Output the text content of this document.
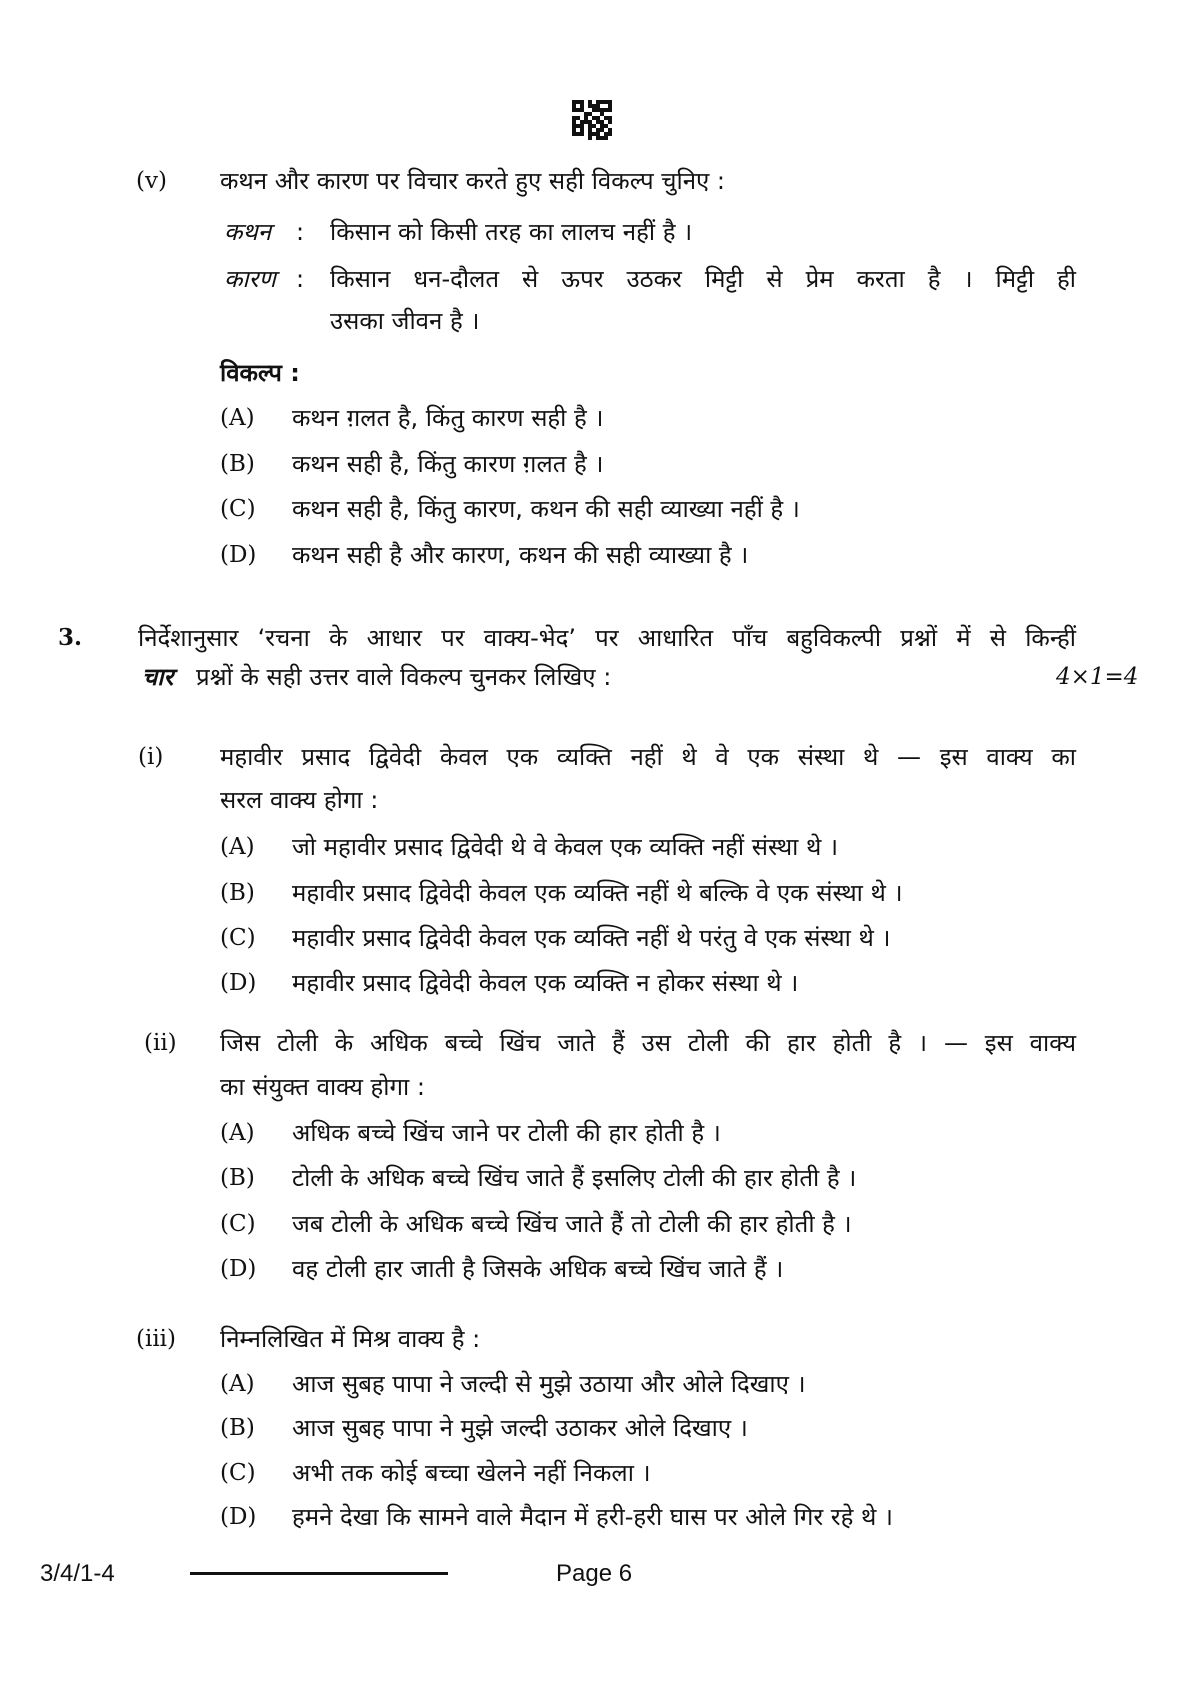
(v) कथन और कारण पर विचार करते हुए सही विकल्प चुनिए :
कथन : किसान को किसी तरह का लालच नहीं है ।
कारण : किसान धन-दौलत से ऊपर उठकर मिट्टी से प्रेम करता है । मिट्टी ही
उसका जीवन है ।
विकल्प :
(A) कथन ग़लत है, किंतु कारण सही है ।
(B) कथन सही है, किंतु कारण ग़लत है ।
(C) कथन सही है, किंतु कारण, कथन की सही व्याख्या नहीं है ।
(D) कथन सही है और कारण, कथन की सही व्याख्या है ।
3. निर्देशानुसार ‘रचना के आधार पर वाक्य-भेद’ पर आधारित पाँच बहुविकल्पी प्रश्नों में से किन्हीं
चार प्रश्नों के सही उत्तर वाले विकल्प चुनकर लिखिए :	4×1=4
(i) महावीर प्रसाद द्विवेदी केवल एक व्यक्ति नहीं थे वे एक संस्था थे — इस वाक्य का
सरल वाक्य होगा :
(A) जो महावीर प्रसाद द्विवेदी थे वे केवल एक व्यक्ति नहीं संस्था थे ।
(B) महावीर प्रसाद द्विवेदी केवल एक व्यक्ति नहीं थे बल्कि वे एक संस्था थे ।
(C) महावीर प्रसाद द्विवेदी केवल एक व्यक्ति नहीं थे परंतु वे एक संस्था थे ।
(D) महावीर प्रसाद द्विवेदी केवल एक व्यक्ति न होकर संस्था थे ।
(ii) जिस टोली के अधिक बच्चे खिंच जाते हैं उस टोली की हार होती है । — इस वाक्य
का संयुक्त वाक्य होगा :
(A) अधिक बच्चे खिंच जाने पर टोली की हार होती है ।
(B) टोली के अधिक बच्चे खिंच जाते हैं इसलिए टोली की हार होती है ।
(C) जब टोली के अधिक बच्चे खिंच जाते हैं तो टोली की हार होती है ।
(D) वह टोली हार जाती है जिसके अधिक बच्चे खिंच जाते हैं ।
(iii) निम्नलिखित में मिश्र वाक्य है :
(A) आज सुबह पापा ने जल्दी से मुझे उठाया और ओले दिखाए ।
(B) आज सुबह पापा ने मुझे जल्दी उठाकर ओले दिखाए ।
(C) अभी तक कोई बच्चा खेलने नहीं निकला ।
(D) हमने देखा कि सामने वाले मैदान में हरी-हरी घास पर ओले गिर रहे थे ।
3/4/1-4	Page 6
